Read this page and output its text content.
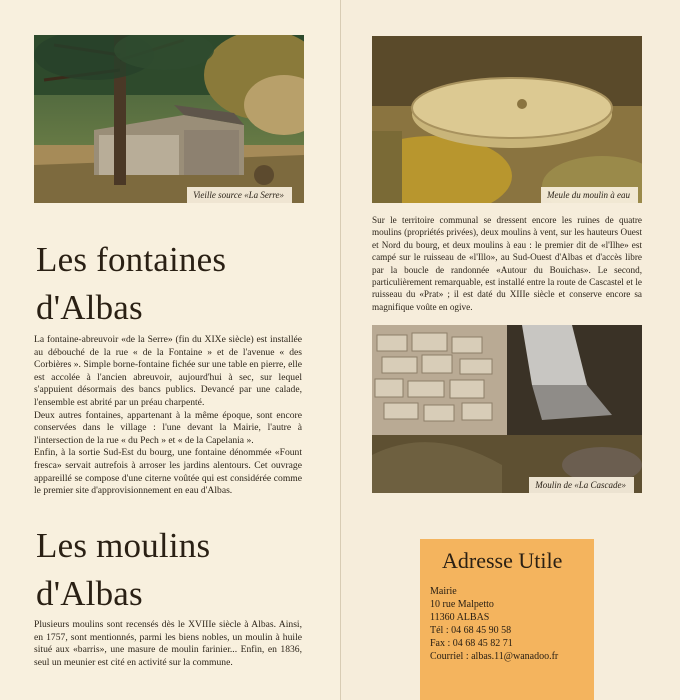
Vieille source «La Serre»
Les fontaines
d'Albas
La fontaine-abreuvoir «de la Serre» (fin du XIXe siècle) est installée au débouché de la rue « de la Fontaine » et de l'avenue « des Corbières ». Simple borne-fontaine fichée sur une table en pierre, elle est accolée à l'ancien abreuvoir, aujourd'hui à sec, sur lequel s'appuient désormais des bancs publics. Devancé par une calade, l'ensemble est abrité par un préau charpenté.
Deux autres fontaines, appartenant à la même époque, sont encore conservées dans le village : l'une devant la Mairie, l'autre à l'intersection de la rue « du Pech » et « de la Capelania ».
Enfin, à la sortie Sud-Est du bourg, une fontaine dénommée «Fount fresca» servait autrefois à arroser les jardins alentours. Cet ouvrage appareillé se compose d'une citerne voûtée qui est considérée comme le premier site d'approvisionnement en eau d'Albas.
Les moulins
d'Albas
Plusieurs moulins sont recensés dès le XVIIIe siècle à Albas. Ainsi, en 1757, sont mentionnés, parmi les biens nobles, un moulin à huile situé aux «barris», une masure de moulin farinier... Enfin, en 1836, seul un meunier est cité en activité sur la commune.
Meule du moulin à eau
Sur le territoire communal se dressent encore les ruines de quatre moulins (propriétés privées), deux moulins à vent, sur les hauteurs Ouest et Nord du bourg, et deux moulins à eau : le premier dit de «l'Ilhe» est campé sur le ruisseau de «l'Illo», au Sud-Ouest d'Albas et d'accès libre par la boucle de randonnée «Autour du Bouichas». Le second, particulièrement remarquable, est installé entre la route de Cascastel et le ruisseau du «Prat» ; il est daté du XIIIe siècle et conserve encore sa magnifique voûte en ogive.
Moulin de «La Cascade»
Adresse Utile
Mairie
10 rue Malpetto
11360 ALBAS
Tél : 04 68 45 90 58
Fax : 04 68 45 82 71
Courriel : albas.11@wanadoo.fr
